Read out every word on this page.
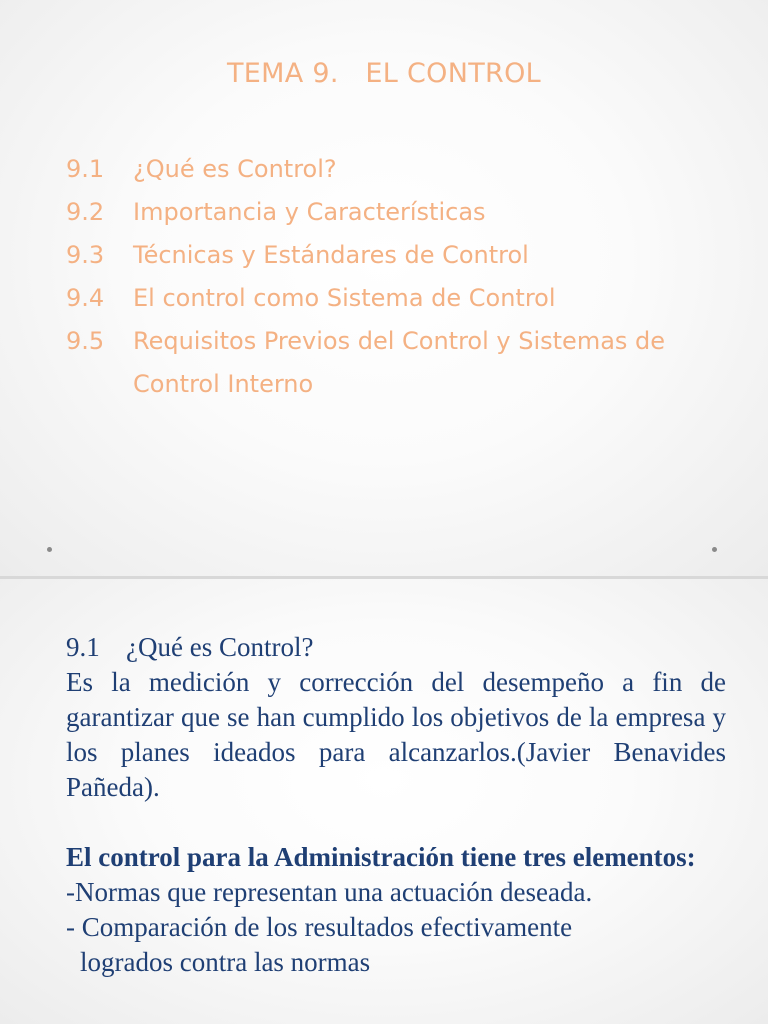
TEMA 9.   EL CONTROL
9.1	¿Qué es Control?
9.2	Importancia y Características
9.3	Técnicas y Estándares de Control
9.4	El control como Sistema de Control
9.5	Requisitos Previos del Control y Sistemas de Control Interno
9.1 ¿Qué es Control?

Es la medición y corrección del desempeño a fin de garantizar que se han cumplido los objetivos de la empresa y los planes ideados para alcanzarlos.(Javier Benavides Pañeda).

El control para la Administración tiene tres elementos:

-Normas que representan una actuación deseada.

- Comparación de los resultados efectivamente

logrados contra las normas
